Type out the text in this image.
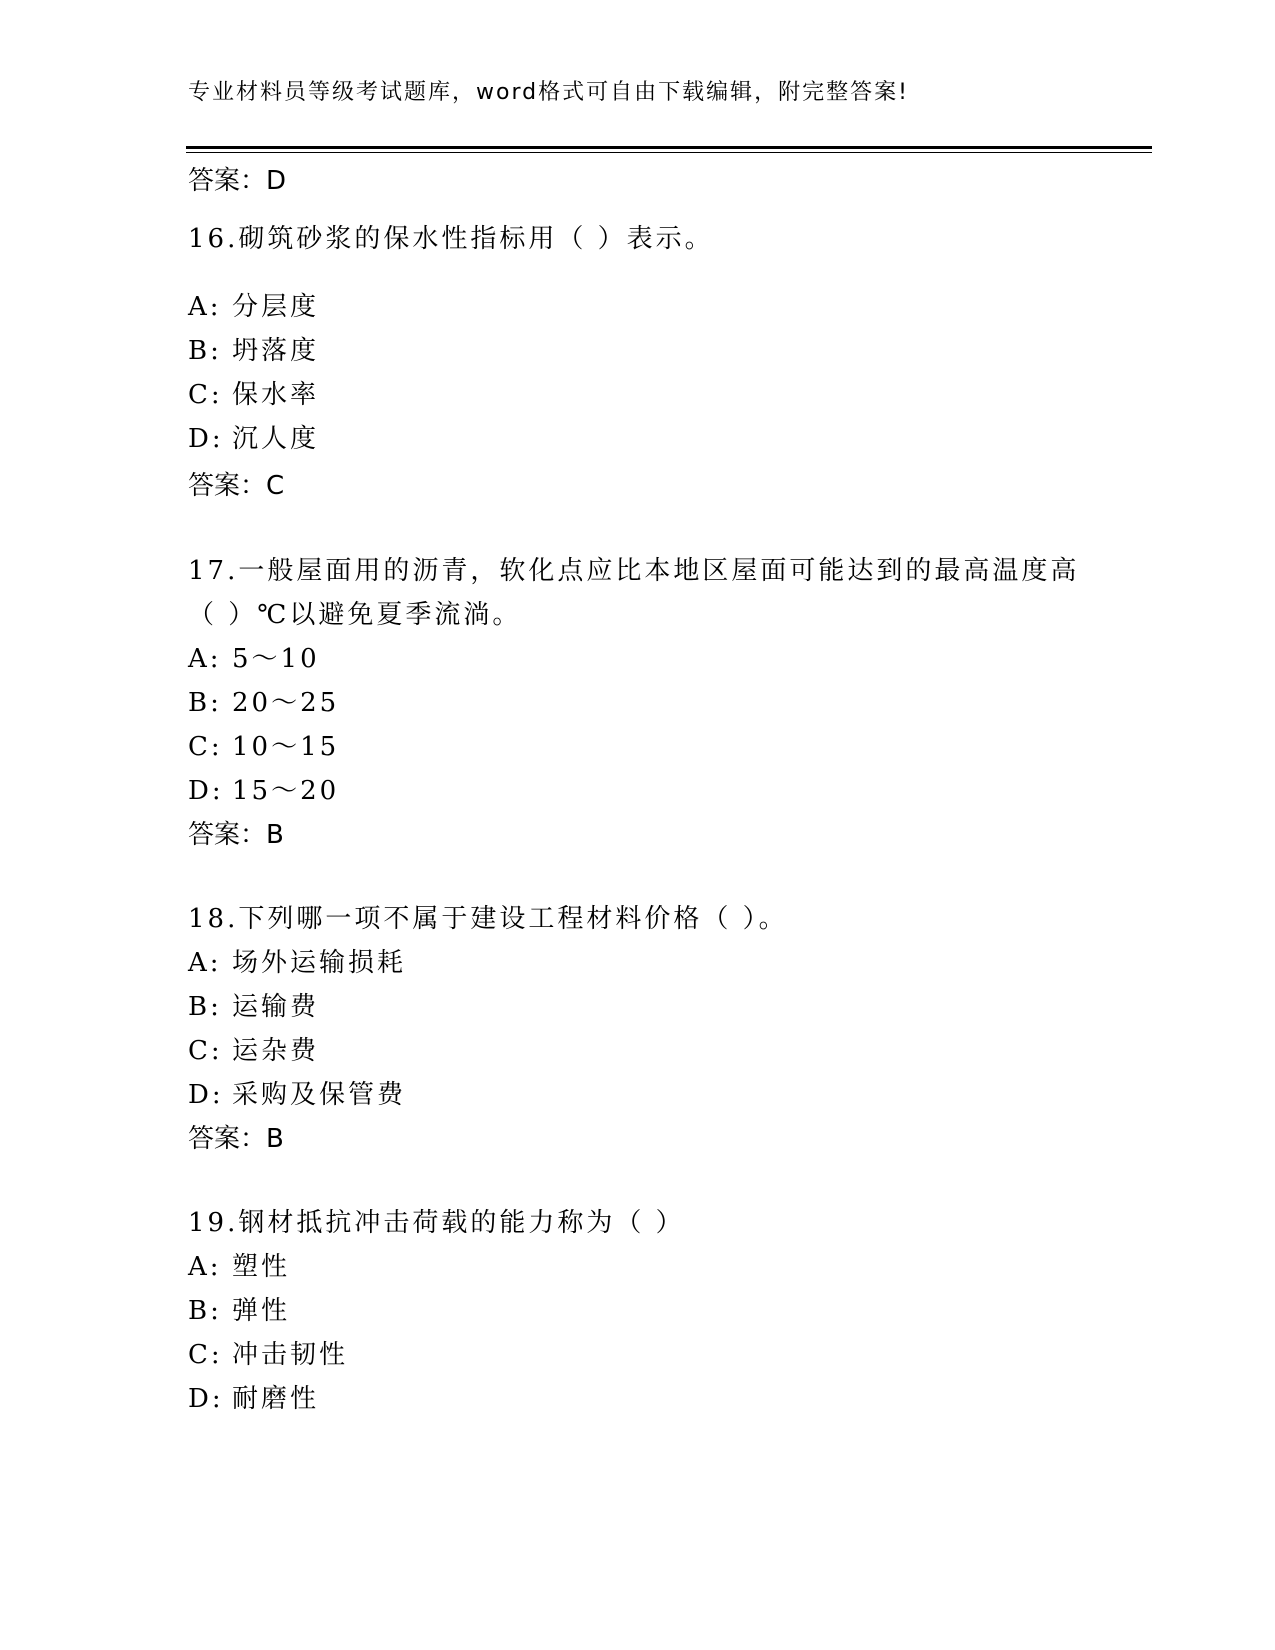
专业材料员等级考试题库，word格式可自由下载编辑，附完整答案!
答案：D
16.砌筑砂浆的保水性指标用（ ）表示。
A: 分层度
B: 坍落度
C: 保水率
D: 沉人度
答案：C
17.一般屋面用的沥青，软化点应比本地区屋面可能达到的最高温度高
（ ）℃以避免夏季流淌。
A: 5～10
B: 20～25
C: 10～15
D: 15～20
答案：B
18.下列哪一项不属于建设工程材料价格（ ）。
A: 场外运输损耗
B: 运输费
C: 运杂费
D: 采购及保管费
答案：B
19.钢材抵抗冲击荷载的能力称为（ ）
A: 塑性
B: 弹性
C: 冲击韧性
D: 耐磨性
